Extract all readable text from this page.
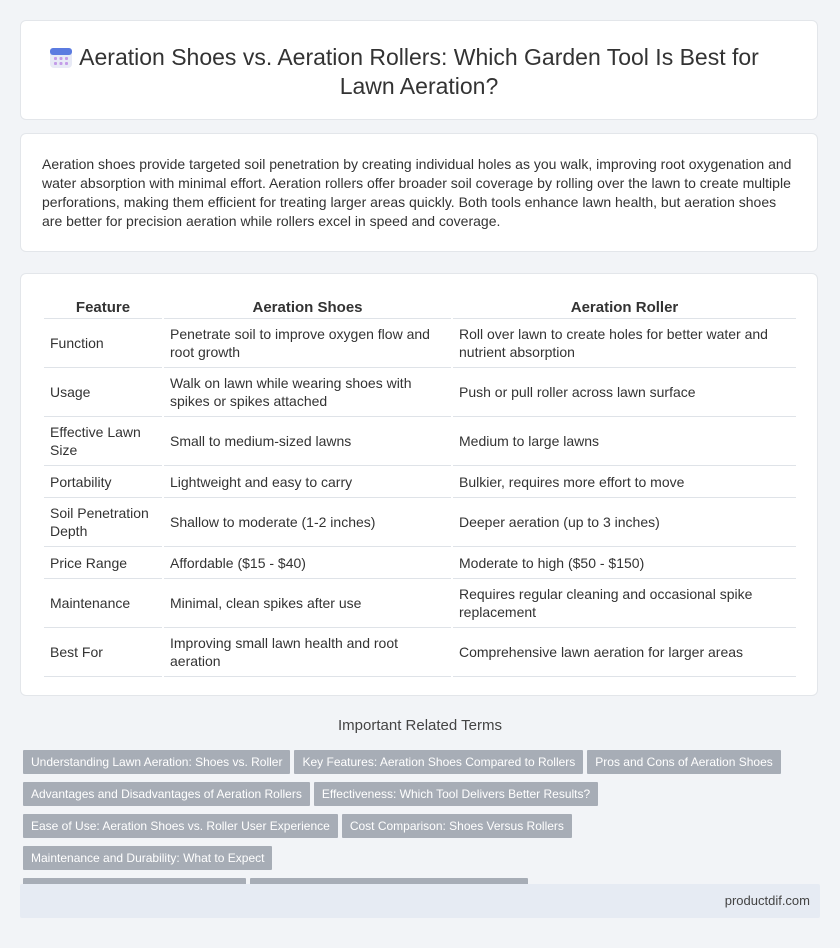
Aeration Shoes vs. Aeration Rollers: Which Garden Tool Is Best for Lawn Aeration?

Aeration shoes provide targeted soil penetration by creating individual holes as you walk, improving root oxygenation and water absorption with minimal effort. Aeration rollers offer broader soil coverage by rolling over the lawn to create multiple perforations, making them efficient for treating larger areas quickly. Both tools enhance lawn health, but aeration shoes are better for precision aeration while rollers excel in speed and coverage.

Feature	Aeration Shoes	Aeration Roller
Function	Penetrate soil to improve oxygen flow and root growth	Roll over lawn to create holes for better water and nutrient absorption
Usage	Walk on lawn while wearing shoes with spikes or spikes attached	Push or pull roller across lawn surface
Effective Lawn Size	Small to medium-sized lawns	Medium to large lawns
Portability	Lightweight and easy to carry	Bulkier, requires more effort to move
Soil Penetration Depth	Shallow to moderate (1-2 inches)	Deeper aeration (up to 3 inches)
Price Range	Affordable ($15 - $40)	Moderate to high ($50 - $150)
Maintenance	Minimal, clean spikes after use	Requires regular cleaning and occasional spike replacement
Best For	Improving small lawn health and root aeration	Comprehensive lawn aeration for larger areas
Important Related Terms
Understanding Lawn Aeration: Shoes vs. Roller Key Features: Aeration Shoes Compared to Rollers Pros and Cons of Aeration Shoes
Advantages and Disadvantages of Aeration Rollers Effectiveness: Which Tool Delivers Better Results?
Ease of Use: Aeration Shoes vs. Roller User Experience Cost Comparison: Shoes Versus RollersMaintenance and Durability: What to Expect

productdif.com
